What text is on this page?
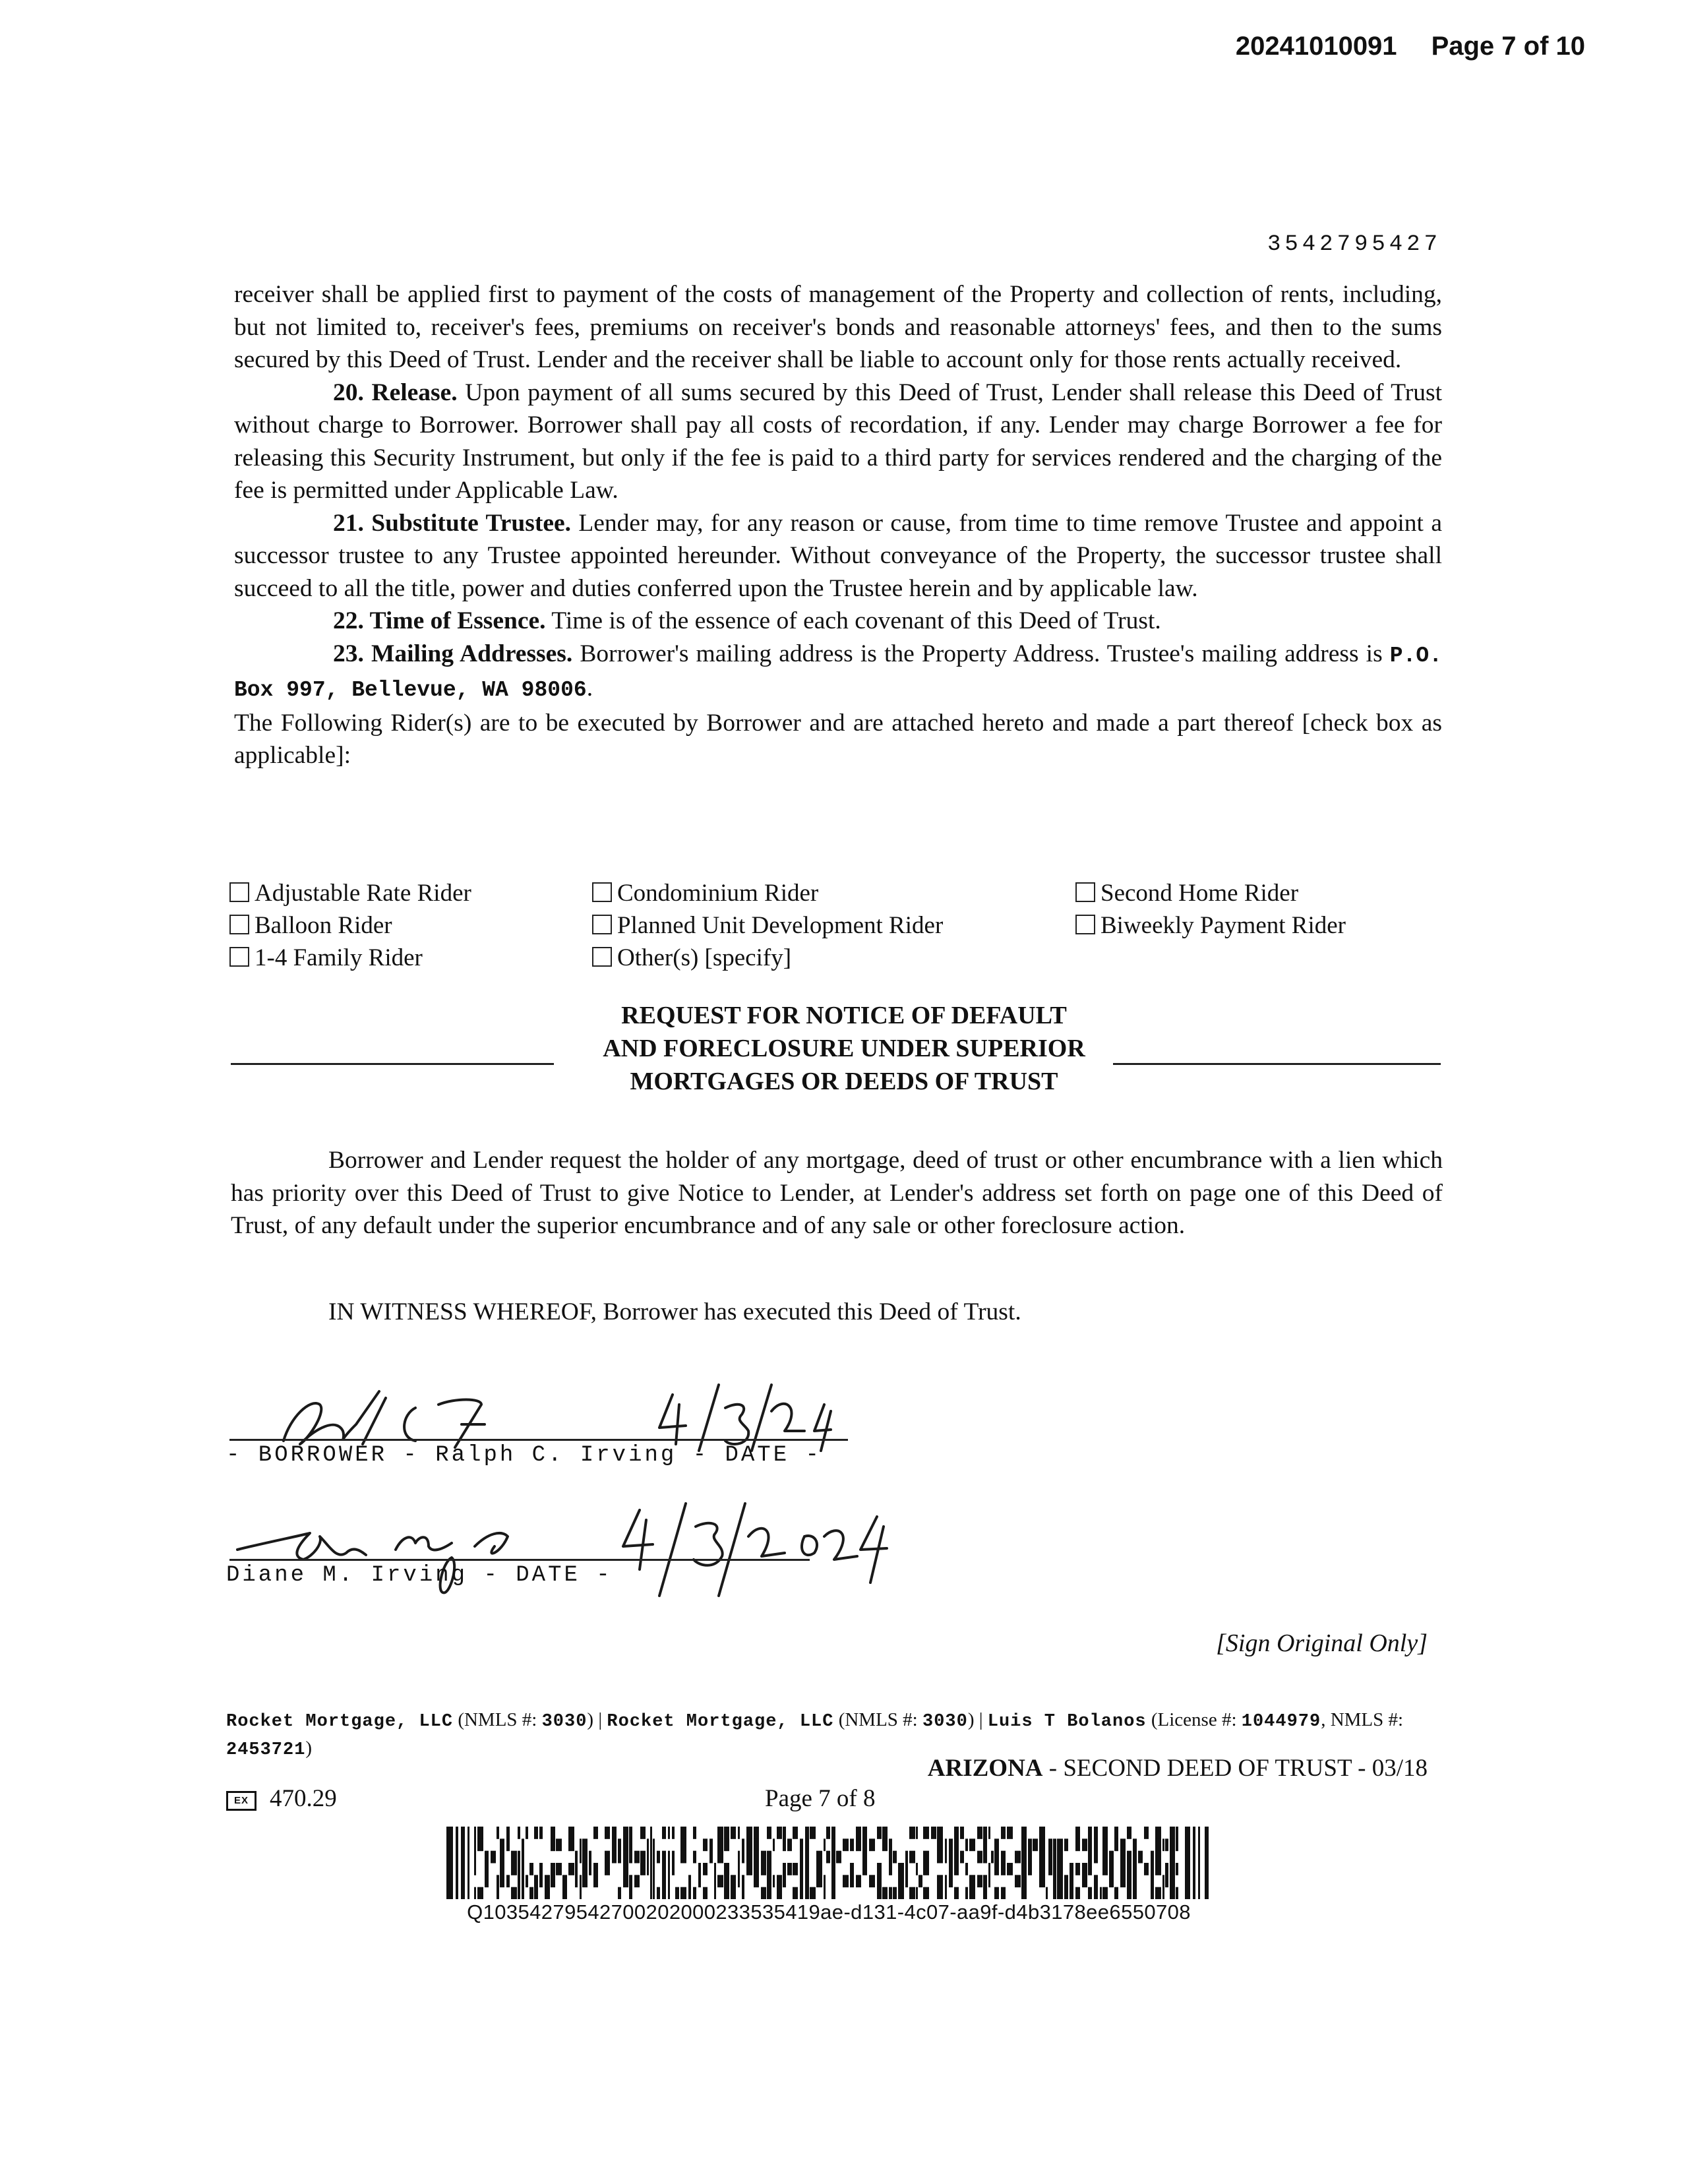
20241010091 Page 7 of 10
3542795427

receiver shall be applied first to payment of the costs of management of the Property and collection of rents, including, but not limited to, receiver's fees, premiums on receiver's bonds and reasonable attorneys' fees, and then to the sums secured by this Deed of Trust. Lender and the receiver shall be liable to account only for those rents actually received.

20. Release. Upon payment of all sums secured by this Deed of Trust, Lender shall release this Deed of Trust without charge to Borrower. Borrower shall pay all costs of recordation, if any. Lender may charge Borrower a fee for releasing this Security Instrument, but only if the fee is paid to a third party for services rendered and the charging of the fee is permitted under Applicable Law.

21. Substitute Trustee. Lender may, for any reason or cause, from time to time remove Trustee and appoint a successor trustee to any Trustee appointed hereunder. Without conveyance of the Property, the successor trustee shall succeed to all the title, power and duties conferred upon the Trustee herein and by applicable law.

22. Time of Essence. Time is of the essence of each covenant of this Deed of Trust.

23. Mailing Addresses. Borrower's mailing address is the Property Address. Trustee's mailing address is P.O. Box 997, Bellevue, WA 98006.

The Following Rider(s) are to be executed by Borrower and are attached hereto and made a part thereof [check box as applicable]:

Adjustable Rate Rider
Balloon Rider
1-4 Family Rider
Condominium Rider
Planned Unit Development Rider
Other(s) [specify]
Second Home Rider
Biweekly Payment Rider
REQUEST FOR NOTICE OF DEFAULT
AND FORECLOSURE UNDER SUPERIOR
MORTGAGES OR DEEDS OF TRUST

Borrower and Lender request the holder of any mortgage, deed of trust or other encumbrance with a lien which has priority over this Deed of Trust to give Notice to Lender, at Lender's address set forth on page one of this Deed of Trust, of any default under the superior encumbrance and of any sale or other foreclosure action.

IN WITNESS WHEREOF, Borrower has executed this Deed of Trust.

- BORROWER - Ralph C. Irving - DATE -
Diane M. Irving - DATE -
[Sign Original Only]
Rocket Mortgage, LLC (NMLS #: 3030) | Rocket Mortgage, LLC (NMLS #: 3030) | Luis T Bolanos (License #: 1044979, NMLS #: 2453721)
ARIZONA - SECOND DEED OF TRUST - 03/18
EX 470.29	Page 7 of 8
Q10354279542700202000233535419ae-d131-4c07-aa9f-d4b3178ee6550708
